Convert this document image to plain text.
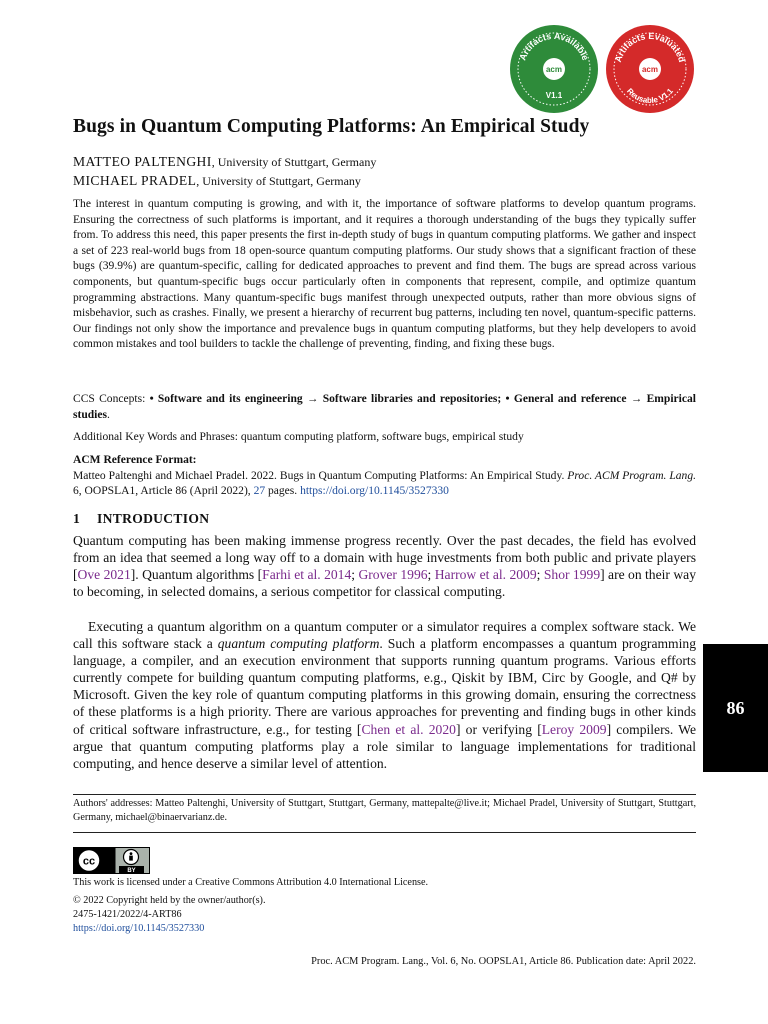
Artifacts Available
acm
V1.1
Artifacts Evaluated
acm
Reusable V1.1
Bugs in Quantum Computing Platforms: An Empirical Study
MATTEO PALTENGHI, University of Stuttgart, Germany
MICHAEL PRADEL, University of Stuttgart, Germany

The interest in quantum computing is growing, and with it, the importance of software platforms to develop quantum programs. Ensuring the correctness of such platforms is important, and it requires a thorough understanding of the bugs they typically suffer from. To address this need, this paper presents the first in-depth study of bugs in quantum computing platforms. We gather and inspect a set of 223 real-world bugs from 18 open-source quantum computing platforms. Our study shows that a significant fraction of these bugs (39.9%) are quantum-specific, calling for dedicated approaches to prevent and find them. The bugs are spread across various components, but quantum-specific bugs occur particularly often in components that represent, compile, and optimize quantum programming abstractions. Many quantum-specific bugs manifest through unexpected outputs, rather than more obvious signs of misbehavior, such as crashes. Finally, we present a hierarchy of recurrent bug patterns, including ten novel, quantum-specific patterns. Our findings not only show the importance and prevalence bugs in quantum computing platforms, but they help developers to avoid common mistakes and tool builders to tackle the challenge of preventing, finding, and fixing these bugs.

CCS Concepts: • Software and its engineering → Software libraries and repositories; • General and reference → Empirical studies.

Additional Key Words and Phrases: quantum computing platform, software bugs, empirical study

ACM Reference Format:
Matteo Paltenghi and Michael Pradel. 2022. Bugs in Quantum Computing Platforms: An Empirical Study. Proc. ACM Program. Lang. 6, OOPSLA1, Article 86 (April 2022), 27 pages. https://doi.org/10.1145/3527330

1 INTRODUCTION

Quantum computing has been making immense progress recently. Over the past decades, the field has evolved from an idea that seemed a long way off to a domain with huge investments from both public and private players [Ove 2021]. Quantum algorithms [Farhi et al. 2014; Grover 1996; Harrow et al. 2009; Shor 1999] are on their way to becoming, in selected domains, a serious competitor for classical computing.

Executing a quantum algorithm on a quantum computer or a simulator requires a complex software stack. We call this software stack a quantum computing platform. Such a platform encompasses a quantum programming language, a compiler, and an execution environment that supports running quantum programs. Various efforts currently compete for building quantum computing platforms, e.g., Qiskit by IBM, Circ by Google, and Q# by Microsoft. Given the key role of quantum computing platforms in this growing domain, ensuring the correctness of these platforms is a high priority. There are various approaches for preventing and finding bugs in other kinds of critical software infrastructure, e.g., for testing [Chen et al. 2020] or verifying [Leroy 2009] compilers. We argue that quantum computing platforms play a role similar to language implementations for traditional computing, and hence deserve a similar level of attention.

86
Authors' addresses: Matteo Paltenghi, University of Stuttgart, Stuttgart, Germany, mattepalte@live.it; Michael Pradel, University of Stuttgart, Stuttgart, Germany, michael@binaervarianz.de.
cc
BY
This work is licensed under a Creative Commons Attribution 4.0 International License.
© 2022 Copyright held by the owner/author(s).
2475-1421/2022/4-ART86
https://doi.org/10.1145/3527330
Proc. ACM Program. Lang., Vol. 6, No. OOPSLA1, Article 86. Publication date: April 2022.
